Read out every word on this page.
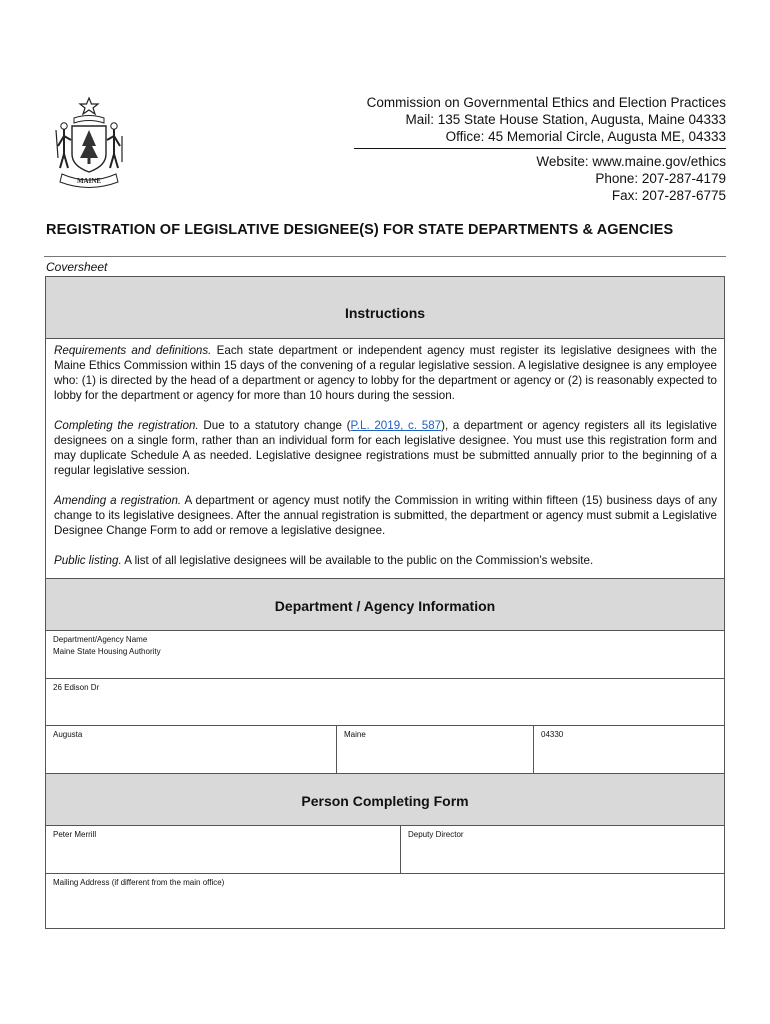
MAINE
Commission on Governmental Ethics and Election Practices
Mail: 135 State House Station, Augusta, Maine 04333
Office: 45 Memorial Circle, Augusta ME, 04333
Website: www.maine.gov/ethics
Phone: 207-287-4179
Fax: 207-287-6775
REGISTRATION OF LEGISLATIVE DESIGNEE(S) FOR STATE DEPARTMENTS & AGENCIES
Coversheet
Instructions

Requirements and definitions. Each state department or independent agency must register its legislative designees with the Maine Ethics Commission within 15 days of the convening of a regular legislative session. A legislative designee is any employee who: (1) is directed by the head of a department or agency to lobby for the department or agency or (2) is reasonably expected to lobby for the department or agency for more than 10 hours during the session.

Completing the registration. Due to a statutory change (P.L. 2019, c. 587), a department or agency registers all its legislative designees on a single form, rather than an individual form for each legislative designee. You must use this registration form and may duplicate Schedule A as needed. Legislative designee registrations must be submitted annually prior to the beginning of a regular legislative session.

Amending a registration. A department or agency must notify the Commission in writing within fifteen (15) business days of any change to its legislative designees. After the annual registration is submitted, the department or agency must submit a Legislative Designee Change Form to add or remove a legislative designee.

Public listing. A list of all legislative designees will be available to the public on the Commission’s website.

Department / Agency Information
Department/Agency Name
Maine State Housing Authority
26 Edison Dr
Augusta	Maine	04330
Person Completing Form
Peter Merrill	Deputy Director
Mailing Address (if different from the main office)
